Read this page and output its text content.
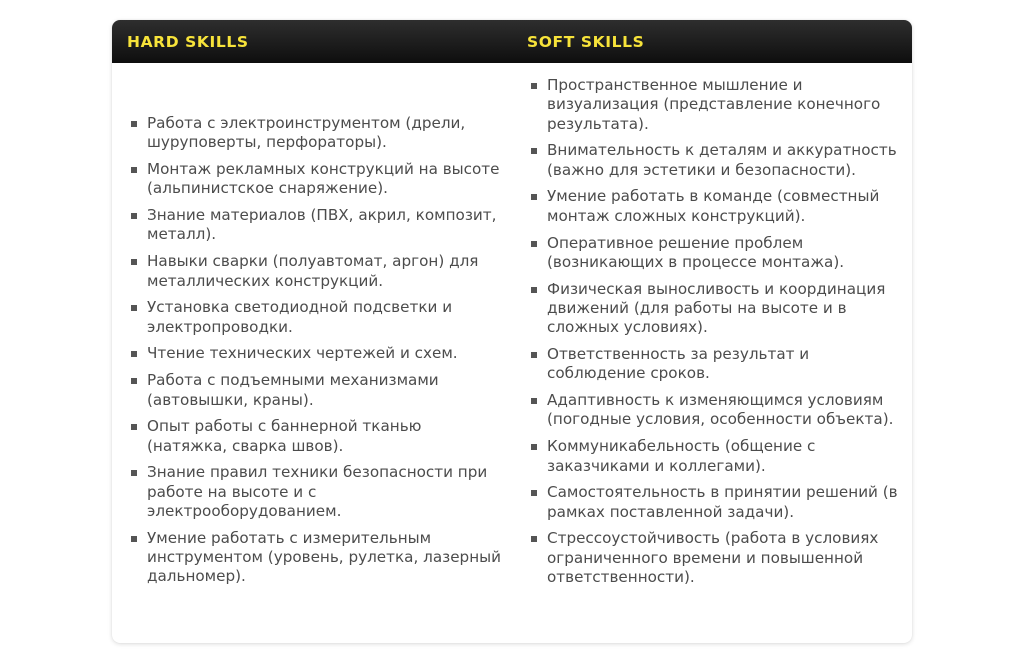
HARD SKILLS	SOFT SKILLS
Работа с электроинструментом (дрели, шуруповерты, перфораторы).
Монтаж рекламных конструкций на высоте (альпинистское снаряжение).
Знание материалов (ПВХ, акрил, композит, металл).
Навыки сварки (полуавтомат, аргон) для металлических конструкций.
Установка светодиодной подсветки и электропроводки.
Чтение технических чертежей и схем.
Работа с подъемными механизмами (автовышки, краны).
Опыт работы с баннерной тканью (натяжка, сварка швов).
Знание правил техники безопасности при работе на высоте и с электрооборудованием.
Умение работать с измерительным инструментом (уровень, рулетка, лазерный дальномер).
Пространственное мышление и визуализация (представление конечного результата).
Внимательность к деталям и аккуратность (важно для эстетики и безопасности).
Умение работать в команде (совместный монтаж сложных конструкций).
Оперативное решение проблем (возникающих в процессе монтажа).
Физическая выносливость и координация движений (для работы на высоте и в сложных условиях).
Ответственность за результат и соблюдение сроков.
Адаптивность к изменяющимся условиям (погодные условия, особенности объекта).
Коммуникабельность (общение с заказчиками и коллегами).
Самостоятельность в принятии решений (в рамках поставленной задачи).
Стрессоустойчивость (работа в условиях ограниченного времени и повышенной ответственности).
